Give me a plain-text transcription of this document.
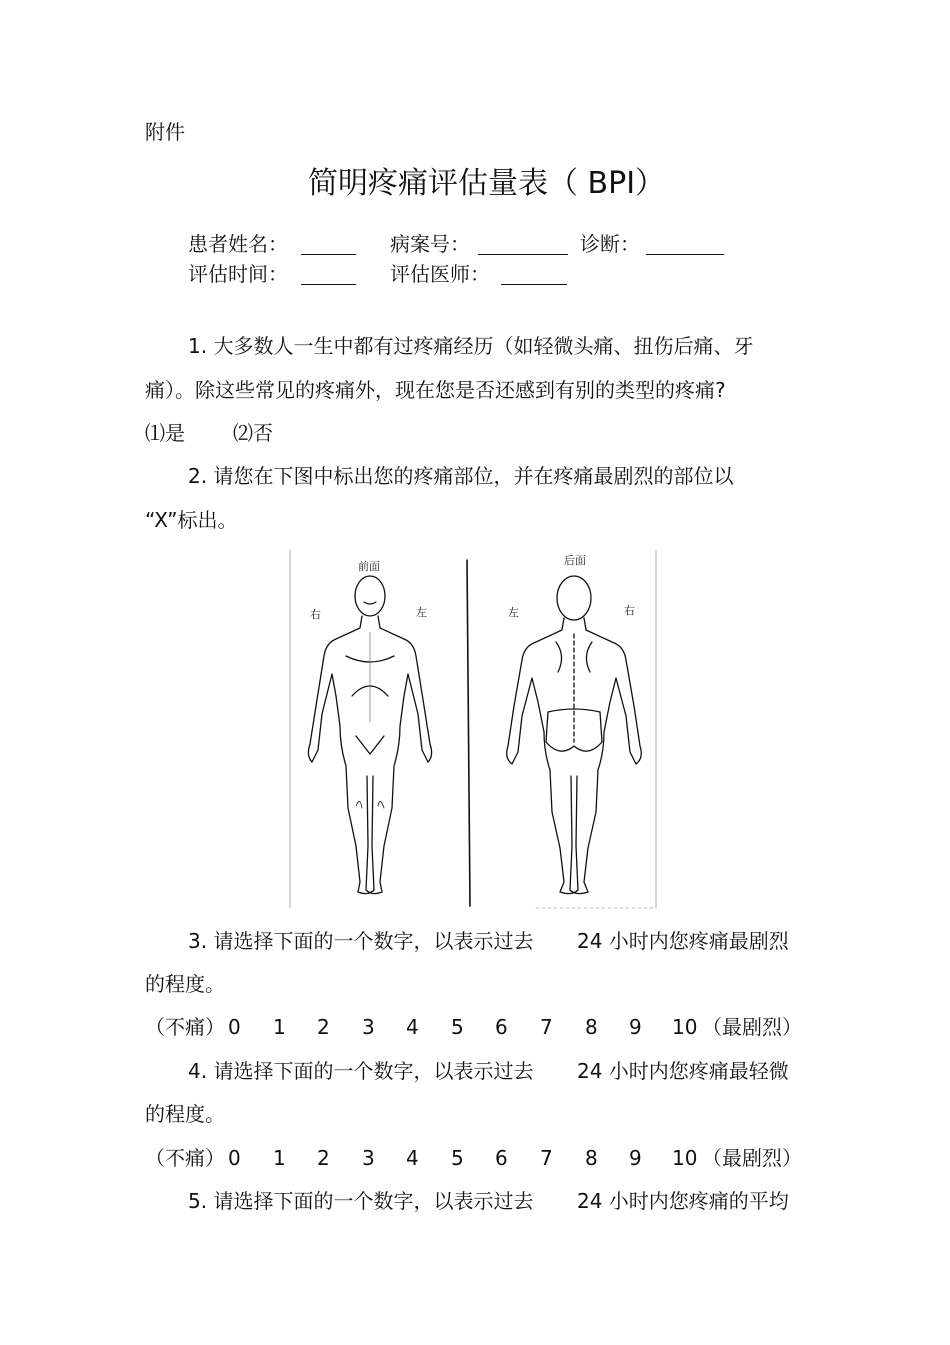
附件
简明疼痛评估量表（ BPI）
患者姓名：	病案号：	诊断：
评估时间：	评估医师：
1. 大多数人一生中都有过疼痛经历（如轻微头痛、扭伤后痛、牙
痛）。除这些常见的疼痛外，现在您是否还感到有别的类型的疼痛?
⑴是 ⑵否
2. 请您在下图中标出您的疼痛部位，并在疼痛最剧烈的部位以
“X”标出。
前面	后面
右	左	左	右
3. 请选择下面的一个数字，以表示过去 24 小时内您疼痛最剧烈
的程度。
（不痛） 0 1 2 3 4 5 6 7 8 9 10 （最剧烈）
4. 请选择下面的一个数字，以表示过去 24 小时内您疼痛最轻微
的程度。
（不痛） 0 1 2 3 4 5 6 7 8 9 10 （最剧烈）
5. 请选择下面的一个数字，以表示过去 24 小时内您疼痛的平均
